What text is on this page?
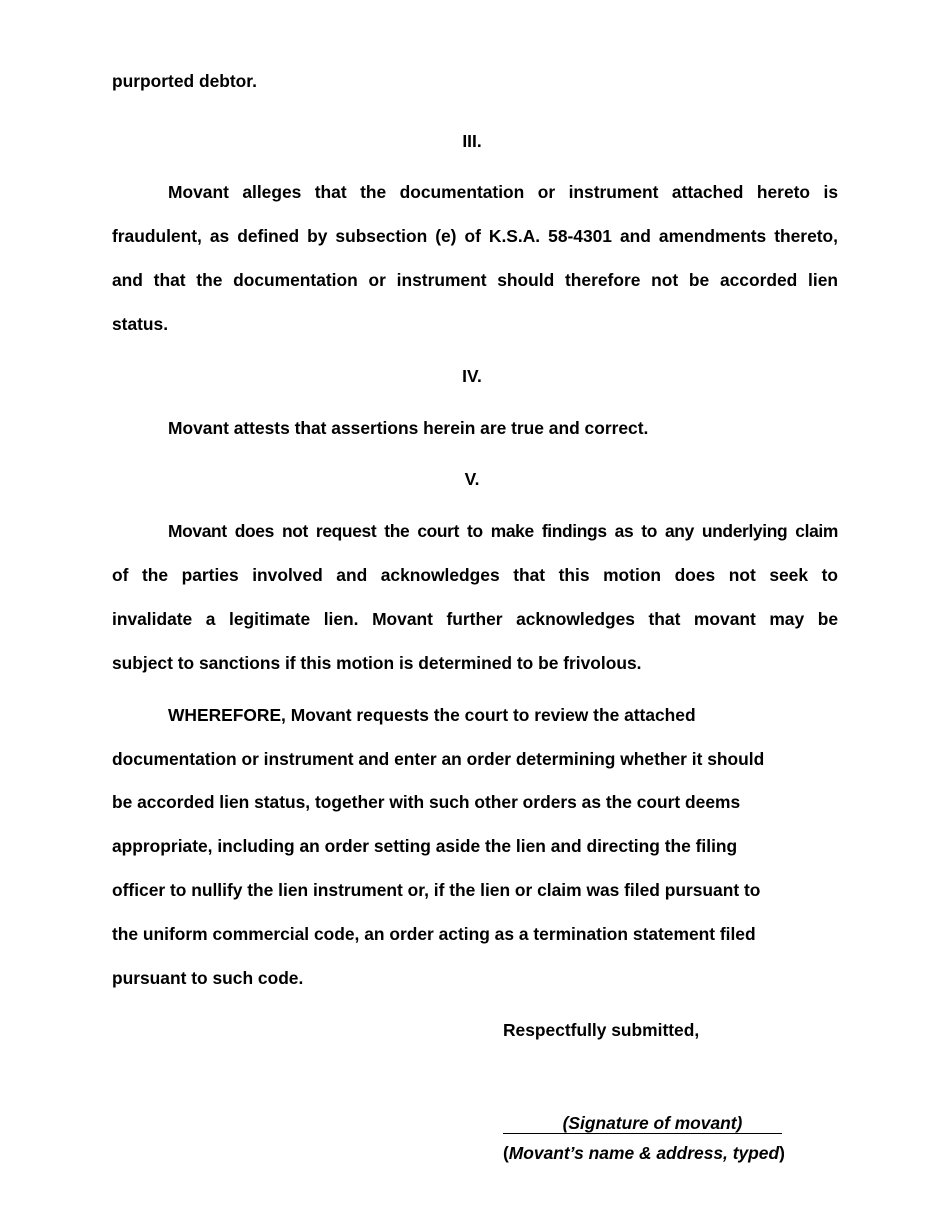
purported debtor.
III.
Movant alleges that the documentation or instrument attached hereto is
fraudulent, as defined by subsection (e) of K.S.A. 58-4301 and amendments thereto,
and that the documentation or instrument should therefore not be accorded lien
status.
IV.
Movant attests that assertions herein are true and correct.
V.
Movant does not request the court to make findings as to any underlying claim
of the parties involved and acknowledges that this motion does not seek to
invalidate a legitimate lien. Movant further acknowledges that movant may be
subject to sanctions if this motion is determined to be frivolous.
WHEREFORE, Movant requests the court to review the attached
documentation or instrument and enter an order determining whether it should
be accorded lien status, together with such other orders as the court deems
appropriate, including an order setting aside the lien and directing the filing
officer to nullify the lien instrument or, if the lien or claim was filed pursuant to
the uniform commercial code, an order acting as a termination statement filed
pursuant to such code.
Respectfully submitted,
(Signature of movant)
(Movant’s name & address, typed)
